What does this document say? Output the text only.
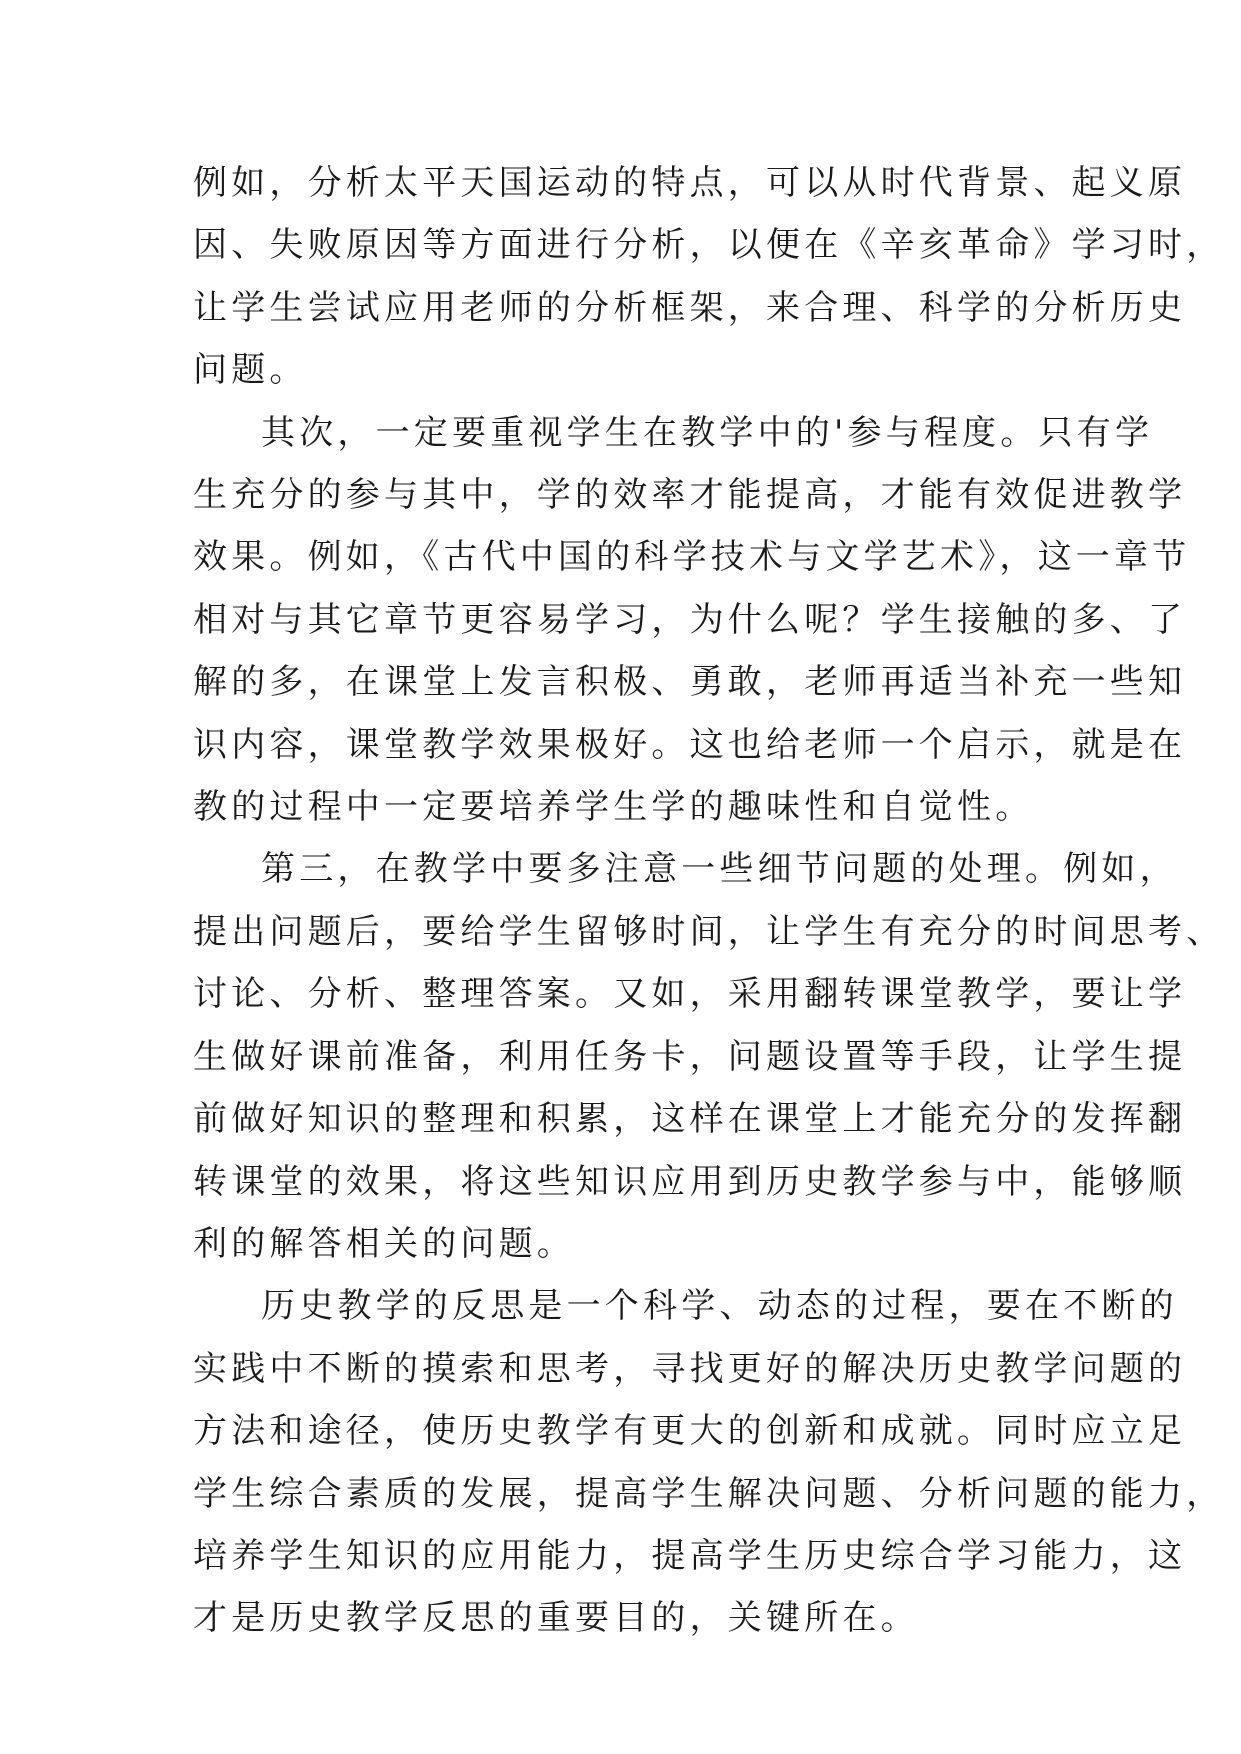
例如，分析太平天国运动的特点，可以从时代背景、起义原
因、失败原因等方面进行分析，以便在《辛亥革命》学习时，
让学生尝试应用老师的分析框架，来合理、科学的分析历史
问题。

其次，一定要重视学生在教学中的'参与程度。只有学
生充分的参与其中，学的效率才能提高，才能有效促进教学
效果。例如，《古代中国的科学技术与文学艺术》，这一章节
相对与其它章节更容易学习，为什么呢？学生接触的多、了
解的多，在课堂上发言积极、勇敢，老师再适当补充一些知
识内容，课堂教学效果极好。这也给老师一个启示，就是在
教的过程中一定要培养学生学的趣味性和自觉性。

第三，在教学中要多注意一些细节问题的处理。例如，
提出问题后，要给学生留够时间，让学生有充分的时间思考、
讨论、分析、整理答案。又如，采用翻转课堂教学，要让学
生做好课前准备，利用任务卡，问题设置等手段，让学生提
前做好知识的整理和积累，这样在课堂上才能充分的发挥翻
转课堂的效果，将这些知识应用到历史教学参与中，能够顺
利的解答相关的问题。

历史教学的反思是一个科学、动态的过程，要在不断的
实践中不断的摸索和思考，寻找更好的解决历史教学问题的
方法和途径，使历史教学有更大的创新和成就。同时应立足
学生综合素质的发展，提高学生解决问题、分析问题的能力，
培养学生知识的应用能力，提高学生历史综合学习能力，这
才是历史教学反思的重要目的，关键所在。
